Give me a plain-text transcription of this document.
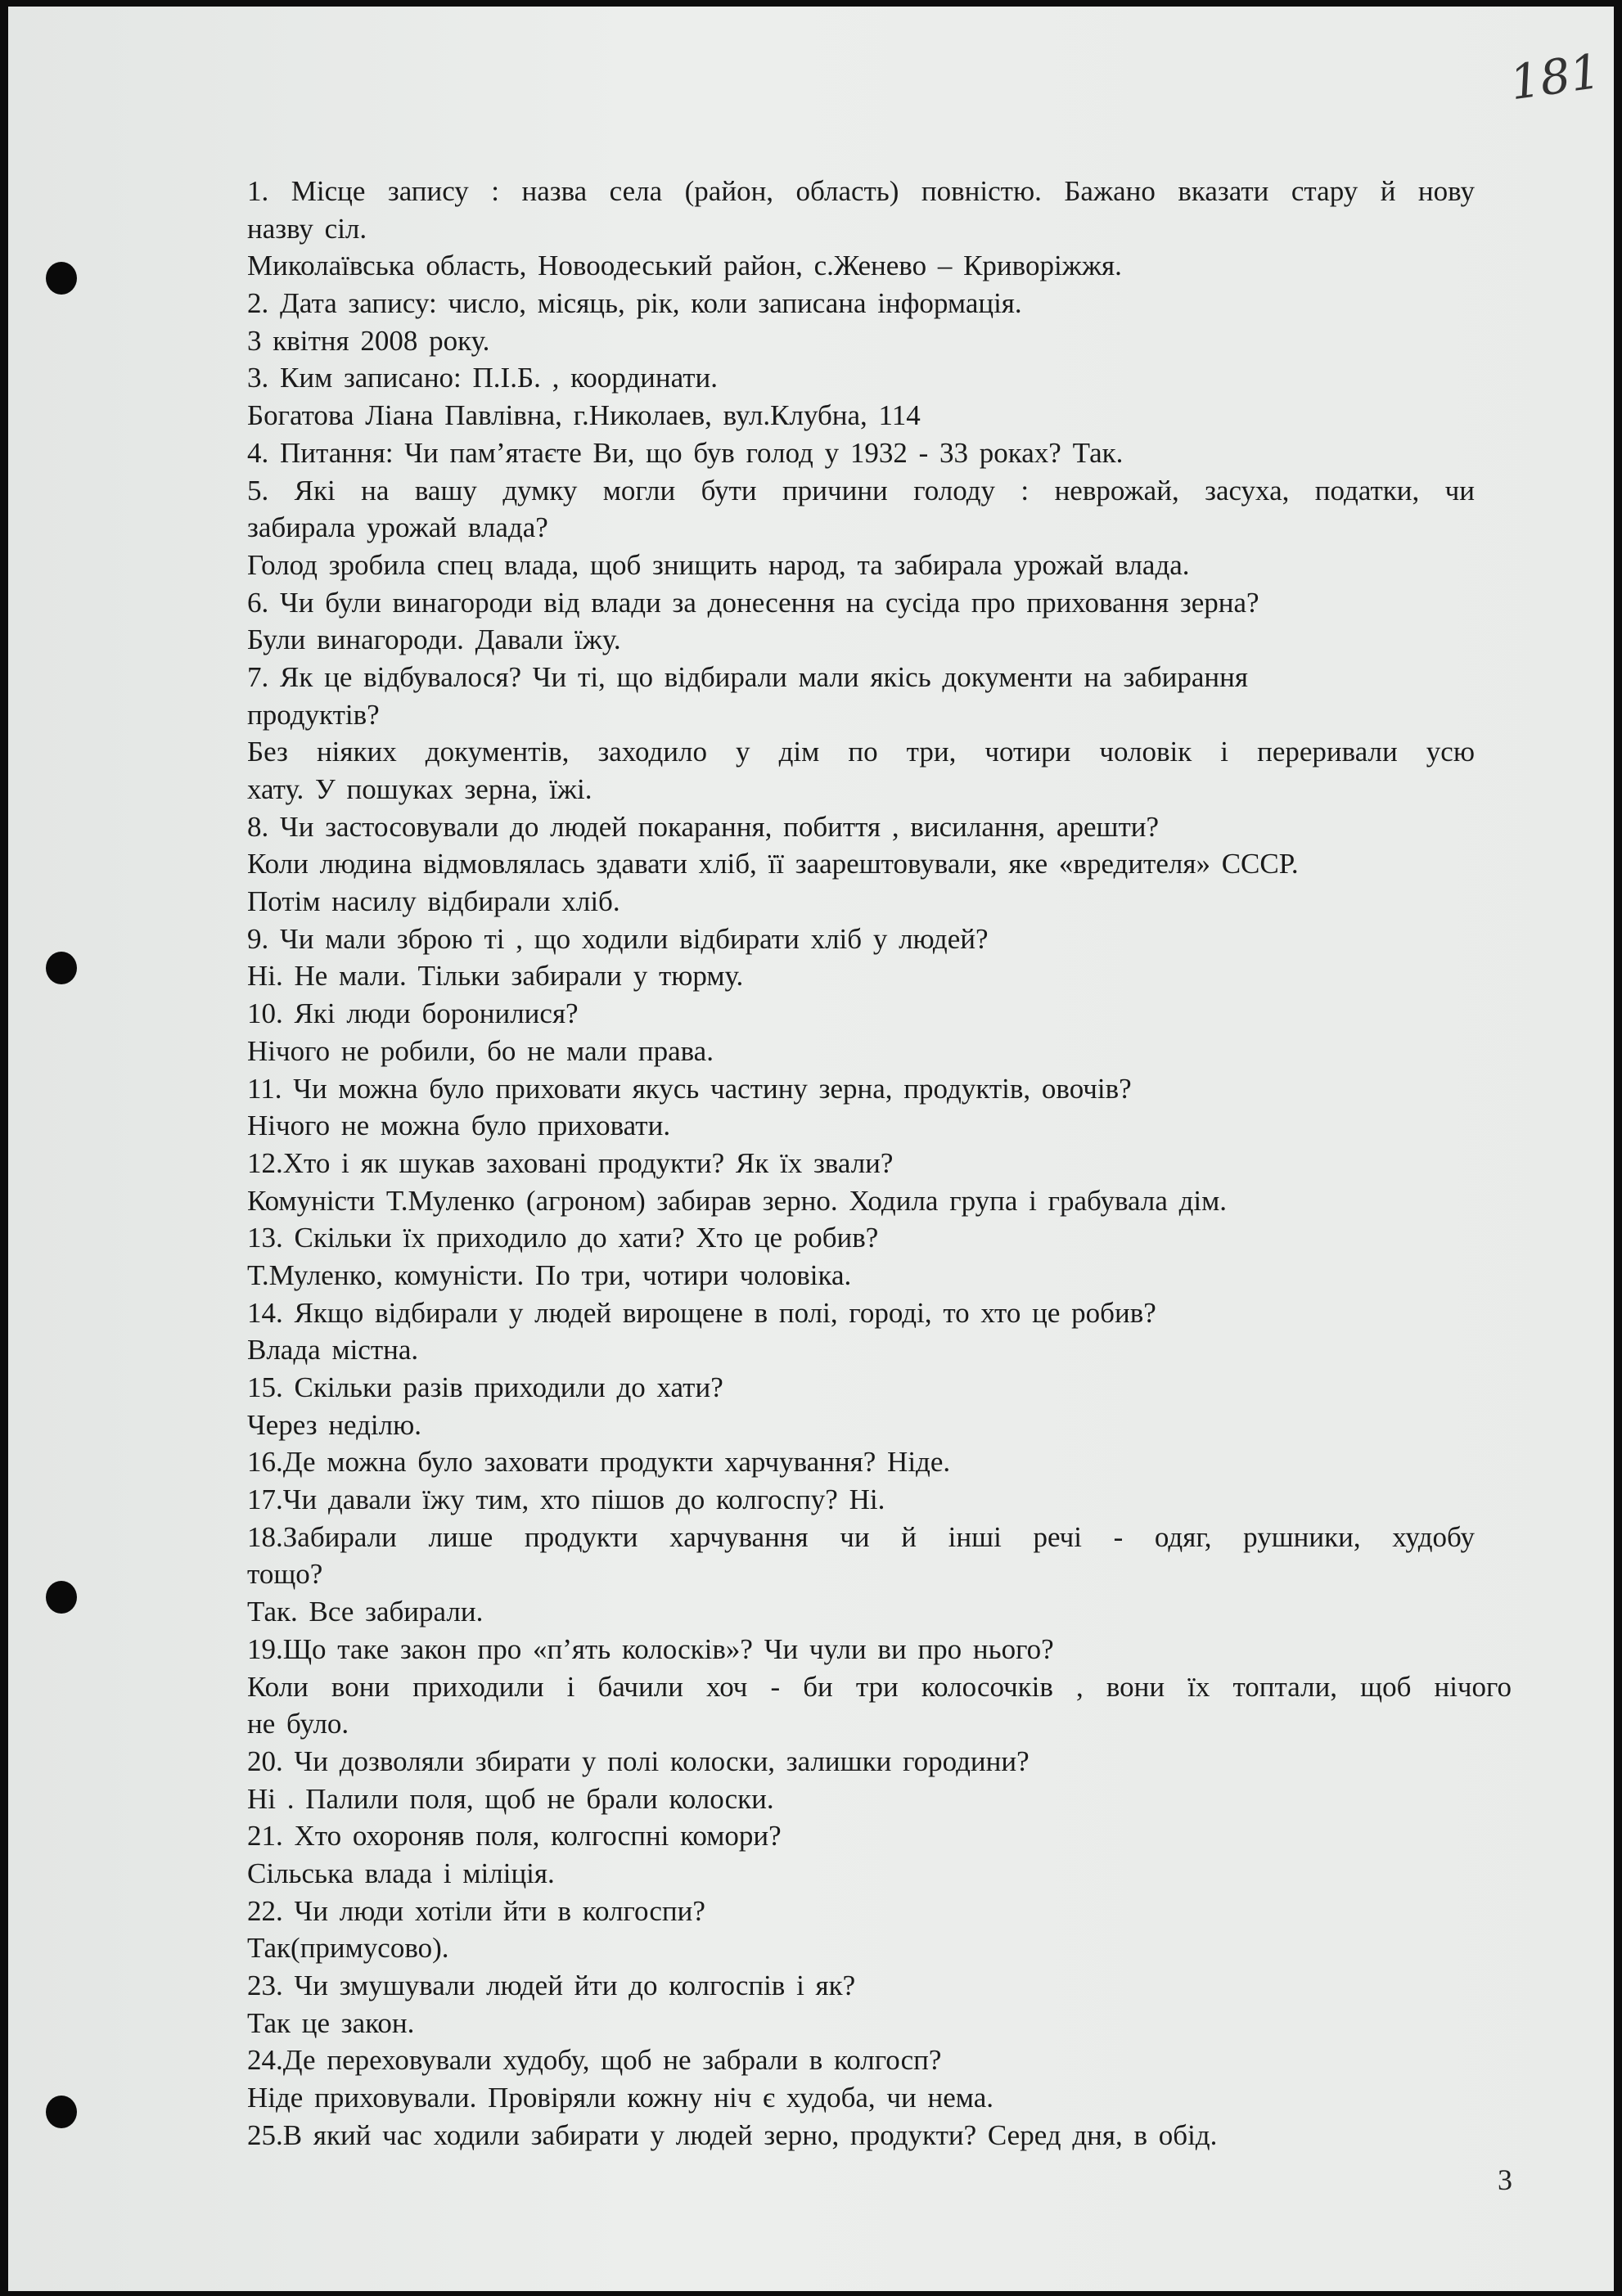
181
1. Місце запису : назва села (район, область) повністю. Бажано вказати стару й нову
назву сіл.
Миколаївська область, Новоодеський район, с.Женево – Криворіжжя.
2. Дата запису: число, місяць, рік, коли записана інформація.
3 квітня 2008 року.
3. Ким записано: П.І.Б. , координати.
Богатова Ліана Павлівна, г.Николаев, вул.Клубна, 114
4. Питання: Чи пам’ятаєте Ви, що був голод у 1932 - 33 роках? Так.
5. Які на вашу думку могли бути причини голоду : неврожай, засуха, податки, чи
забирала урожай влада?
Голод зробила спец влада, щоб знищить народ, та забирала урожай влада.
6. Чи були винагороди від влади за донесення на сусіда про приховання зерна?
Були винагороди. Давали їжу.
7. Як це відбувалося? Чи ті, що відбирали мали якісь документи на забирання
продуктів?
Без ніяких документів, заходило у дім по три, чотири чоловік і переривали усю
хату. У пошуках зерна, їжі.
8. Чи застосовували до людей покарання, побиття , висилання, арешти?
Коли людина відмовлялась здавати хліб, її заарештовували, яке «вредителя» СССР.
Потім насилу відбирали хліб.
9. Чи мали зброю ті , що ходили відбирати хліб у людей?
Ні. Не мали. Тільки забирали у тюрму.
10. Які люди боронилися?
Нічого не робили, бо не мали права.
11. Чи можна було приховати якусь частину зерна, продуктів, овочів?
Нічого не можна було приховати.
12.Хто і як шукав заховані продукти? Як їх звали?
Комуністи Т.Муленко (агроном) забирав зерно. Ходила група і грабувала дім.
13. Скільки їх приходило до хати? Хто це робив?
Т.Муленко, комуністи. По три, чотири чоловіка.
14. Якщо відбирали у людей вирощене в полі, городі, то хто це робив?
Влада містна.
15. Скільки разів приходили до хати?
Через неділю.
16.Де можна було заховати продукти харчування? Ніде.
17.Чи давали їжу тим, хто пішов до колгоспу? Ні.
18.Забирали лише продукти харчування чи й інші речі - одяг, рушники, худобу
тощо?
Так. Все забирали.
19.Що таке закон про «п’ять колосків»? Чи чули ви про нього?
Коли вони приходили і бачили хоч - би три колосочків , вони їх топтали, щоб нічого
не було.
20. Чи дозволяли збирати у полі колоски, залишки городини?
Ні . Палили поля, щоб не брали колоски.
21. Хто охороняв поля, колгоспні комори?
Сільська влада і міліція.
22. Чи люди хотіли йти в колгоспи?
Так(примусово).
23. Чи змушували людей йти до колгоспів і як?
Так це закон.
24.Де переховували худобу, щоб не забрали в колгосп?
Ніде приховували. Провіряли кожну ніч є худоба, чи нема.
25.В який час ходили забирати у людей зерно, продукти? Серед дня, в обід.
3
